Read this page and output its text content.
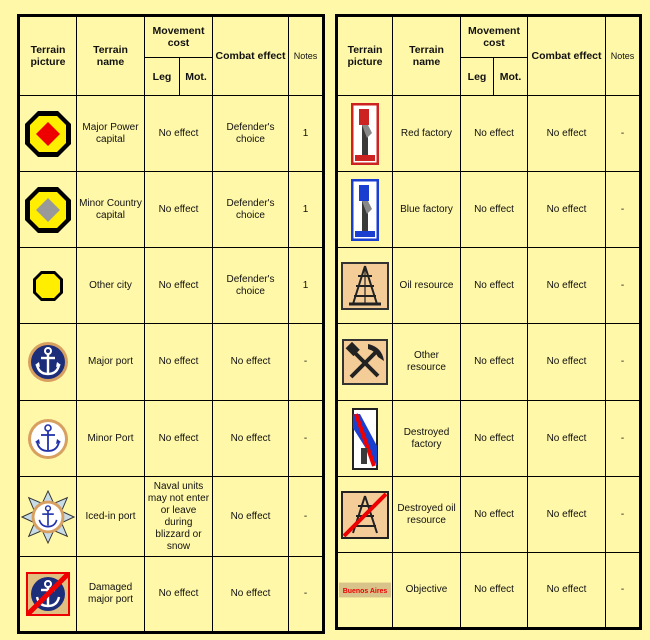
Terrain picture	Terrain name	Movement cost		Combat effect	Notes
		Leg	Mot.		

	Major Power capital	No effect		Defender's choice	1

	Minor Country capital	No effect		Defender's choice	1

	Other city	No effect		Defender's choice	1

	Major port	No effect		No effect	-

	Minor Port	No effect		No effect	-

	Iced-in port	Naval units may not enter or leave during blizzard or snow		No effect	-

	Damaged major port	No effect		No effect	-
Terrain picture	Terrain name	Movement cost		Combat effect	Notes
		Leg	Mot.		

	Red factory	No effect		No effect	-

	Blue factory	No effect		No effect	-

	Oil resource	No effect		No effect	-

	Other resource	No effect		No effect	-

	Destroyed factory	No effect		No effect	-

	Destroyed oil resource	No effect		No effect	-

Buenos Aires	Objective	No effect		No effect	-
